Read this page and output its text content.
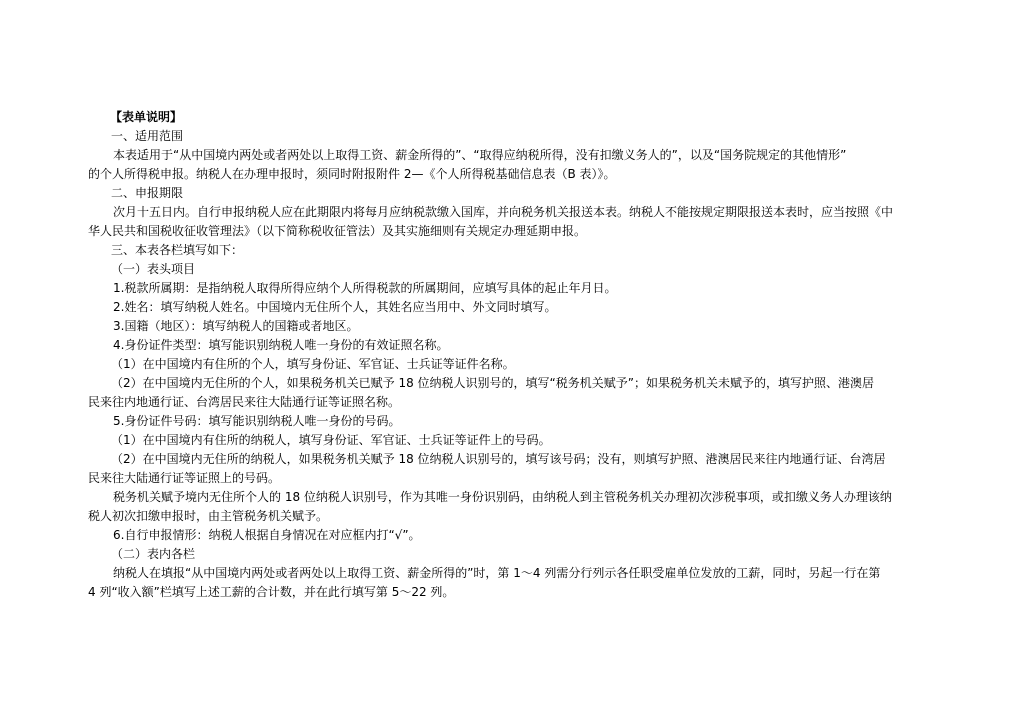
【表单说明】
一、适用范围
本表适用于“从中国境内两处或者两处以上取得工资、薪金所得的”、“取得应纳税所得，没有扣缴义务人的”，以及“国务院规定的其他情形”
的个人所得税申报。纳税人在办理申报时，须同时附报附件 2—《个人所得税基础信息表（B 表）》。
二、申报期限
次月十五日内。自行申报纳税人应在此期限内将每月应纳税款缴入国库，并向税务机关报送本表。纳税人不能按规定期限报送本表时，应当按照《中
华人民共和国税收征收管理法》（以下简称税收征管法）及其实施细则有关规定办理延期申报。
三、本表各栏填写如下：
（一）表头项目
1.税款所属期：是指纳税人取得所得应纳个人所得税款的所属期间，应填写具体的起止年月日。
2.姓名：填写纳税人姓名。中国境内无住所个人，其姓名应当用中、外文同时填写。
3.国籍（地区）：填写纳税人的国籍或者地区。
4.身份证件类型：填写能识别纳税人唯一身份的有效证照名称。
（1）在中国境内有住所的个人，填写身份证、军官证、士兵证等证件名称。
（2）在中国境内无住所的个人，如果税务机关已赋予 18 位纳税人识别号的，填写“税务机关赋予”；如果税务机关未赋予的，填写护照、港澳居
民来往内地通行证、台湾居民来往大陆通行证等证照名称。
5.身份证件号码：填写能识别纳税人唯一身份的号码。
（1）在中国境内有住所的纳税人，填写身份证、军官证、士兵证等证件上的号码。
（2）在中国境内无住所的纳税人，如果税务机关赋予 18 位纳税人识别号的，填写该号码；没有，则填写护照、港澳居民来往内地通行证、台湾居
民来往大陆通行证等证照上的号码。
税务机关赋予境内无住所个人的 18 位纳税人识别号，作为其唯一身份识别码，由纳税人到主管税务机关办理初次涉税事项，或扣缴义务人办理该纳
税人初次扣缴申报时，由主管税务机关赋予。
6.自行申报情形：纳税人根据自身情况在对应框内打“√”。
（二）表内各栏
纳税人在填报“从中国境内两处或者两处以上取得工资、薪金所得的”时，第 1～4 列需分行列示各任职受雇单位发放的工薪，同时，另起一行在第
4 列“收入额”栏填写上述工薪的合计数，并在此行填写第 5～22 列。
